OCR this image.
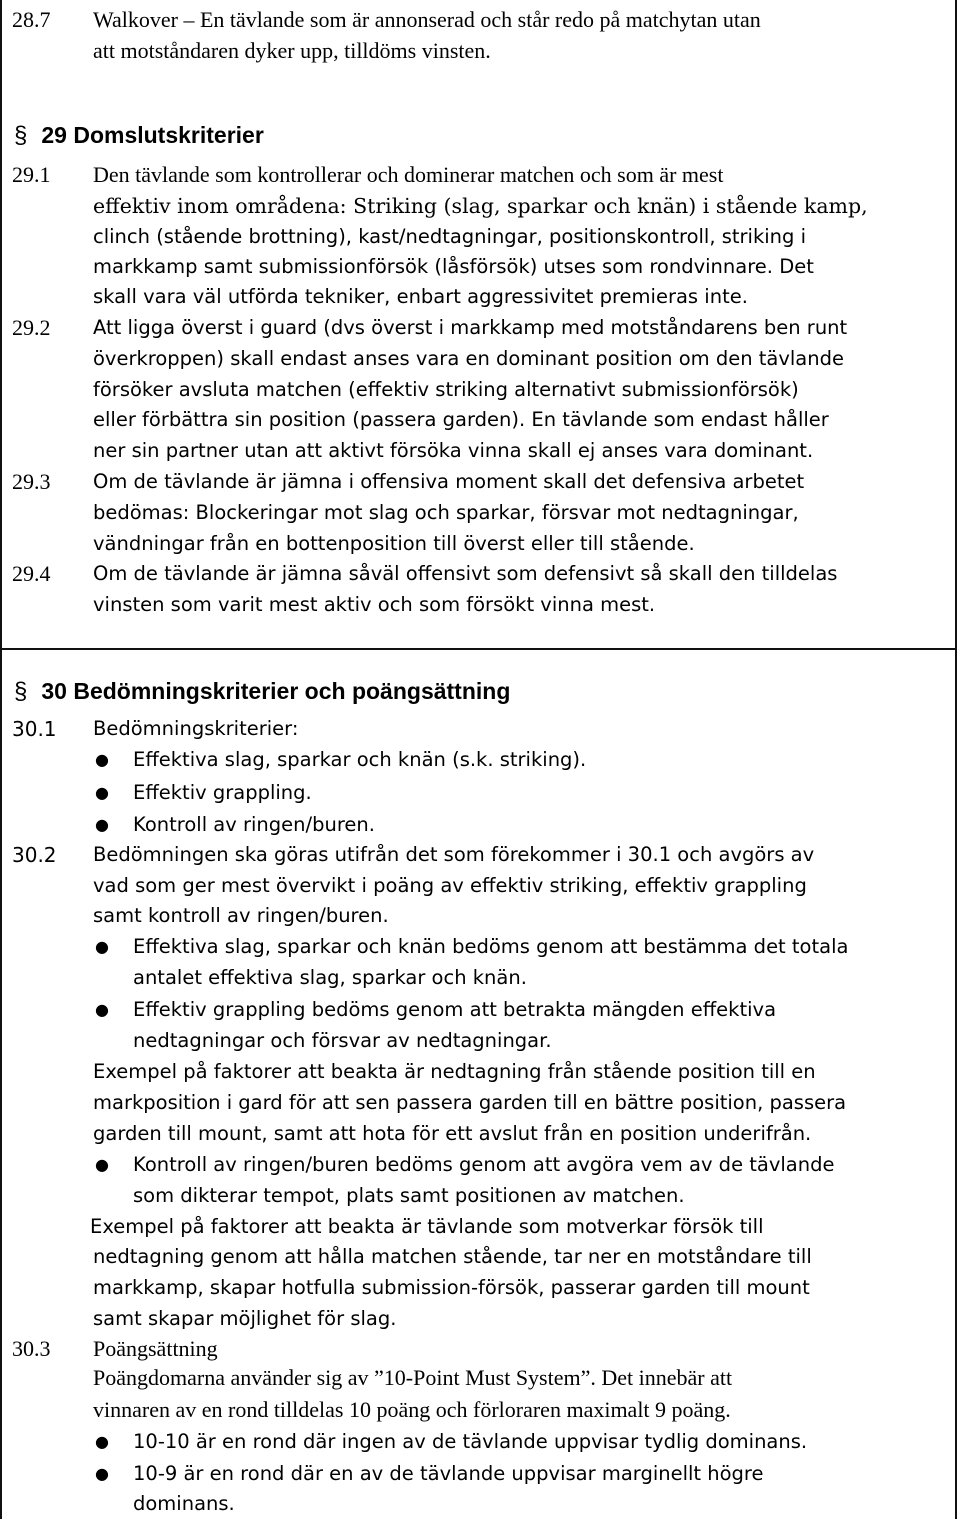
28.7 Walkover – En tävlande som är annonserad och står redo på matchytan utan
att motståndaren dyker upp, tilldöms vinsten.
§ 29 Domslutskriterier
29.1 Den tävlande som kontrollerar och dominerar matchen och som är mest
effektiv inom områdena: Striking (slag, sparkar och knän) i stående kamp,
clinch (stående brottning), kast/nedtagningar, positionskontroll, striking i
markkamp samt submissionförsök (låsförsök) utses som rondvinnare. Det
skall vara väl utförda tekniker, enbart aggressivitet premieras inte.
29.2 Att ligga överst i guard (dvs överst i markkamp med motståndarens ben runt
överkroppen) skall endast anses vara en dominant position om den tävlande
försöker avsluta matchen (effektiv striking alternativt submissionförsök)
eller förbättra sin position (passera garden). En tävlande som endast håller
ner sin partner utan att aktivt försöka vinna skall ej anses vara dominant.
29.3 Om de tävlande är jämna i offensiva moment skall det defensiva arbetet
bedömas: Blockeringar mot slag och sparkar, försvar mot nedtagningar,
vändningar från en bottenposition till överst eller till stående.
29.4 Om de tävlande är jämna såväl offensivt som defensivt så skall den tilldelas
vinsten som varit mest aktiv och som försökt vinna mest.
§ 30 Bedömningskriterier och poängsättning
30.1 Bedömningskriterier:
● Effektiva slag, sparkar och knän (s.k. striking).
● Effektiv grappling.
● Kontroll av ringen/buren.
30.2 Bedömningen ska göras utifrån det som förekommer i 30.1 och avgörs av
vad som ger mest övervikt i poäng av effektiv striking, effektiv grappling
samt kontroll av ringen/buren.
● Effektiva slag, sparkar och knän bedöms genom att bestämma det totala
antalet effektiva slag, sparkar och knän.
● Effektiv grappling bedöms genom att betrakta mängden effektiva
nedtagningar och försvar av nedtagningar.
Exempel på faktorer att beakta är nedtagning från stående position till en
markposition i gard för att sen passera garden till en bättre position, passera
garden till mount, samt att hota för ett avslut från en position underifrån.
● Kontroll av ringen/buren bedöms genom att avgöra vem av de tävlande
som dikterar tempot, plats samt positionen av matchen.
Exempel på faktorer att beakta är tävlande som motverkar försök till
nedtagning genom att hålla matchen stående, tar ner en motståndare till
markkamp, skapar hotfulla submission-försök, passerar garden till mount
samt skapar möjlighet för slag.
30.3 Poängsättning
Poängdomarna använder sig av ”10-Point Must System”. Det innebär att
vinnaren av en rond tilldelas 10 poäng och förloraren maximalt 9 poäng.
● 10-10 är en rond där ingen av de tävlande uppvisar tydlig dominans.
● 10-9 är en rond där en av de tävlande uppvisar marginellt högre
dominans.
